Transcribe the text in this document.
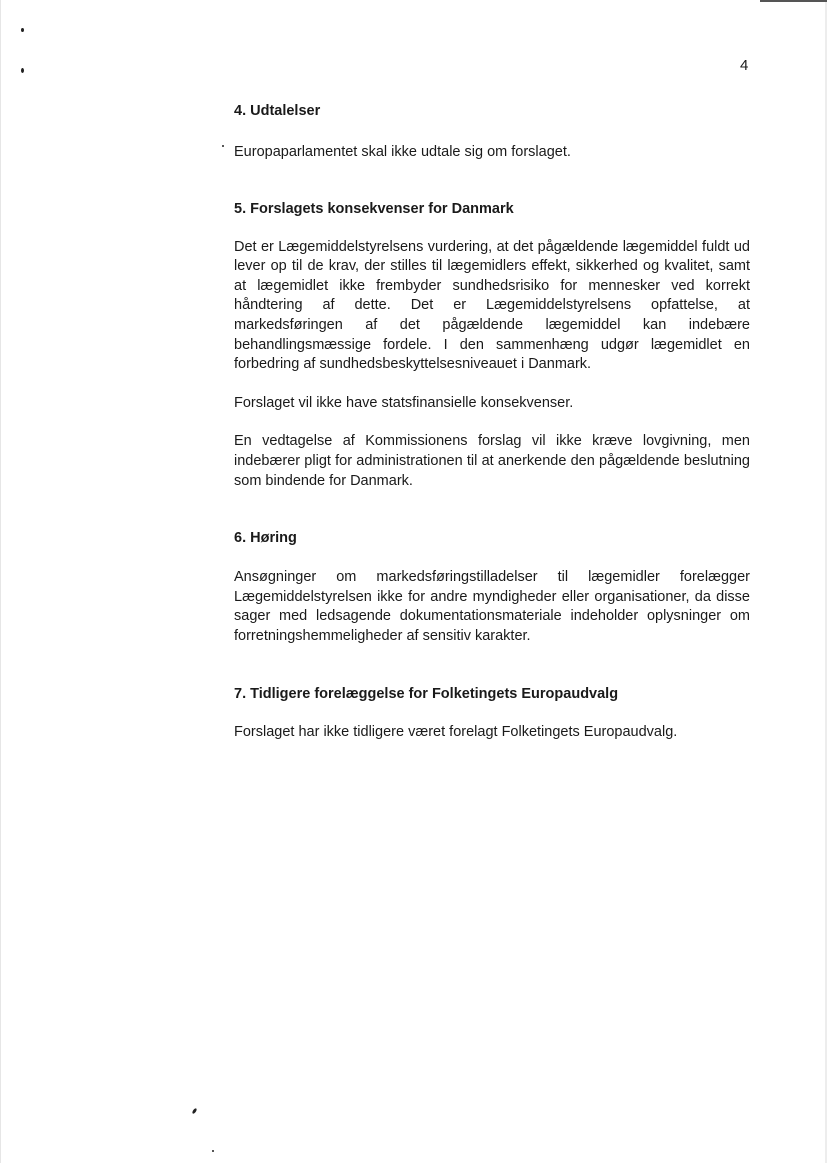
4

4. Udtalelser

Europaparlamentet skal ikke udtale sig om forslaget.

5. Forslagets konsekvenser for Danmark

Det er Lægemiddelstyrelsens vurdering, at det pågældende lægemiddel fuldt ud lever op til de krav, der stilles til lægemidlers effekt, sikkerhed og kvalitet, samt at lægemidlet ikke frembyder sundhedsrisiko for mennesker ved korrekt håndtering af dette. Det er Lægemiddelstyrelsens opfattelse, at markedsføringen af det pågældende lægemiddel kan indebære behandlingsmæssige fordele. I den sammenhæng udgør lægemidlet en forbedring af sundhedsbeskyttelsesniveauet i Danmark.

Forslaget vil ikke have statsfinansielle konsekvenser.

En vedtagelse af Kommissionens forslag vil ikke kræve lovgivning, men indebærer pligt for administrationen til at anerkende den pågældende beslutning som bindende for Danmark.

6. Høring

Ansøgninger om markedsføringstilladelser til lægemidler forelægger Lægemiddelstyrelsen ikke for andre myndigheder eller organisationer, da disse sager med ledsagende dokumentationsmateriale indeholder oplysninger om forretningshemmeligheder af sensitiv karakter.

7. Tidligere forelæggelse for Folketingets Europaudvalg

Forslaget har ikke tidligere været forelagt Folketingets Europaudvalg.
